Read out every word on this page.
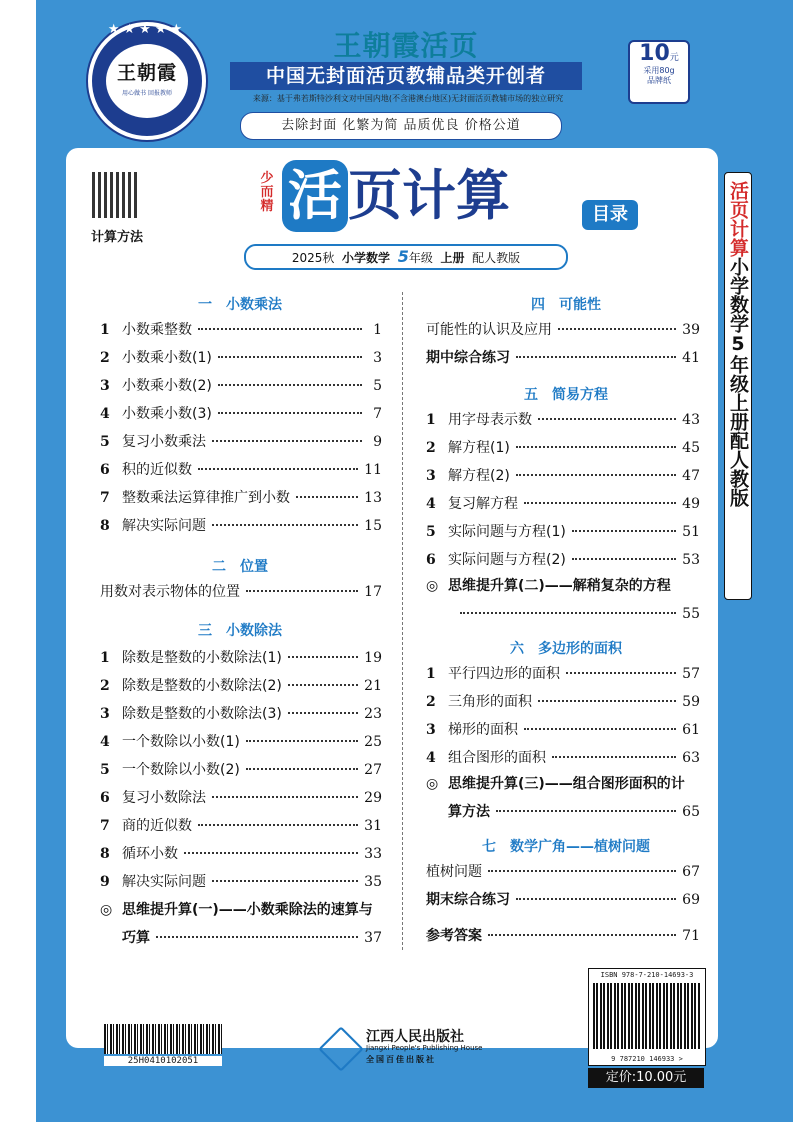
★★★★★
王朝霞
用心做书 回报教师
王朝霞活页
中国无封面活页教辅品类开创者
来源：基于弗若斯特沙利文对中国内地(不含港澳台地区)无封面活页教辅市场的独立研究
去除封面 化繁为简 品质优良 价格公道
10元
采用80g
品牌纸
计算方法
少而精 活 页计算	目录
2025秋 小学数学 5年级 上册 配人教版
活页计算小学数学5年级上册配人教版
一　小数乘法
1 小数乘整数	1
2 小数乘小数(1)	3
3 小数乘小数(2)	5
4 小数乘小数(3)	7
5 复习小数乘法	9
6 积的近似数	11
7 整数乘法运算律推广到小数	13
8 解决实际问题	15
二　位置
用数对表示物体的位置	17
三　小数除法
1 除数是整数的小数除法(1)	19
2 除数是整数的小数除法(2)	21
3 除数是整数的小数除法(3)	23
4 一个数除以小数(1)	25
5 一个数除以小数(2)	27
6 复习小数除法	29
7 商的近似数	31
8 循环小数	33
9 解决实际问题	35
◎ 思维提升算(一)——小数乘除法的速算与
巧算	37
四　可能性
可能性的认识及应用	39
期中综合练习	41
五　简易方程
1 用字母表示数	43
2 解方程(1)	45
3 解方程(2)	47
4 复习解方程	49
5 实际问题与方程(1)	51
6 实际问题与方程(2)	53
◎ 思维提升算(二)——解稍复杂的方程
55
六　多边形的面积
1 平行四边形的面积	57
2 三角形的面积	59
3 梯形的面积	61
4 组合图形的面积	63
◎ 思维提升算(三)——组合图形面积的计
算方法	65
七　数学广角——植树问题
植树问题	67
期末综合练习	69
参考答案	71
25H0410102051
江西人民出版社
Jiangxi People's Publishing House
全国百佳出版社
ISBN 978-7-210-14693-3
9 787210 146933 >
定价:10.00元
